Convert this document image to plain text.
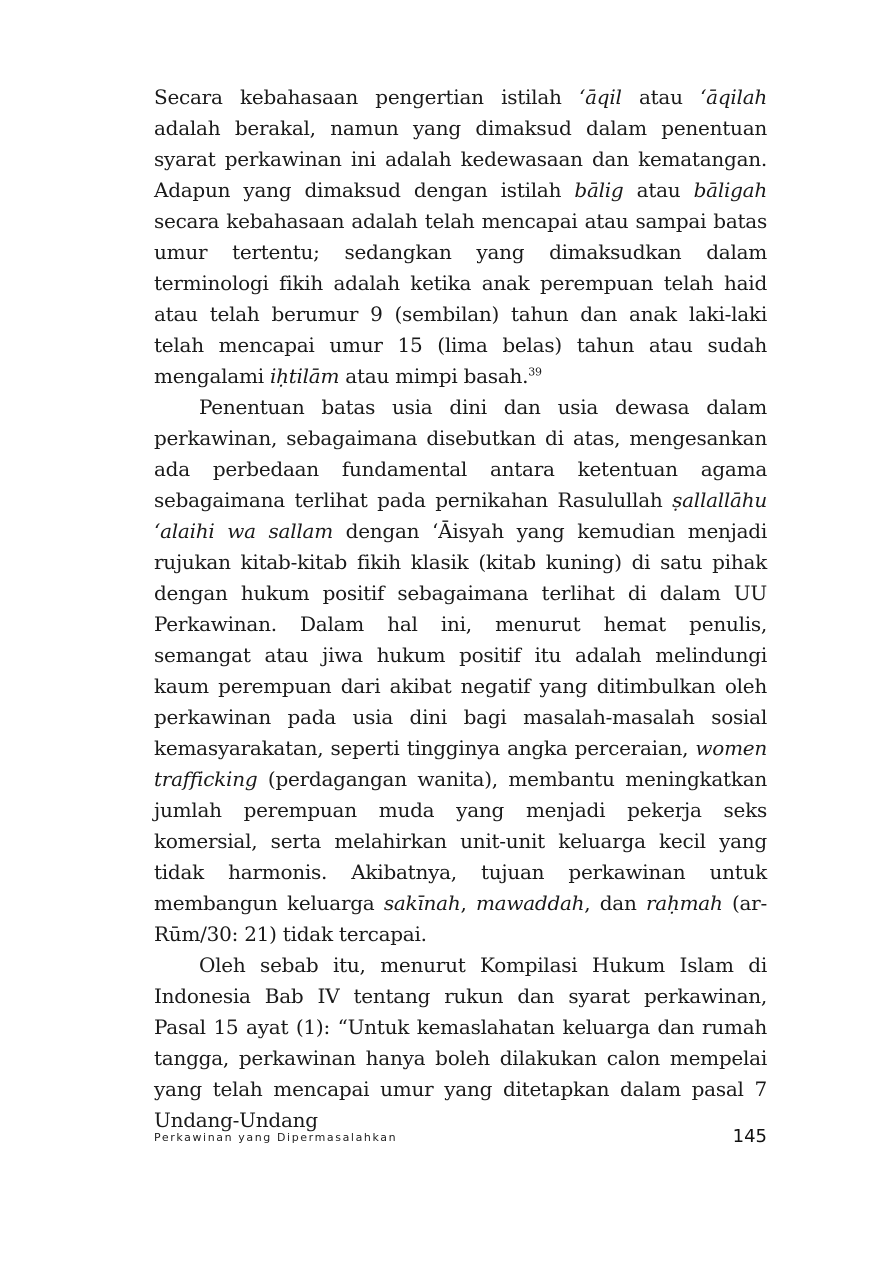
Secara kebahasaan pengertian istilah ‘āqil atau ‘āqilah adalah berakal, namun yang dimaksud dalam penentuan syarat perkawinan ini adalah kedewasaan dan kematangan. Adapun yang dimaksud dengan istilah bālig atau bāligah secara kebahasaan adalah telah mencapai atau sampai batas umur tertentu; sedangkan yang dimaksudkan dalam terminologi fikih adalah ketika anak perempuan telah haid atau telah berumur 9 (sembilan) tahun dan anak laki-laki telah mencapai umur 15 (lima belas) tahun atau sudah mengalami iḥtilām atau mimpi basah.$^{39}$

Penentuan batas usia dini dan usia dewasa dalam perkawinan, sebagaimana disebutkan di atas, mengesankan ada perbedaan fundamental antara ketentuan agama sebagaimana terlihat pada pernikahan Rasulullah ṣallallāhu ‘alaihi wa sallam dengan ‘Āisyah yang kemudian menjadi rujukan kitab-kitab fikih klasik (kitab kuning) di satu pihak dengan hukum positif sebagaimana terlihat di dalam UU Perkawinan. Dalam hal ini, menurut hemat penulis, semangat atau jiwa hukum positif itu adalah melindungi kaum perempuan dari akibat negatif yang ditimbulkan oleh perkawinan pada usia dini bagi masalah-masalah sosial kemasyarakatan, seperti tingginya angka perceraian, women trafficking (perdagangan wanita), membantu meningkatkan jumlah perempuan muda yang menjadi pekerja seks komersial, serta melahirkan unit-unit keluarga kecil yang tidak harmonis. Akibatnya, tujuan perkawinan untuk membangun keluarga sakīnah, mawaddah, dan raḥmah (ar-Rūm/30: 21) tidak tercapai.

Oleh sebab itu, menurut Kompilasi Hukum Islam di Indonesia Bab IV tentang rukun dan syarat perkawinan, Pasal 15 ayat (1): “Untuk kemaslahatan keluarga dan rumah tangga, perkawinan hanya boleh dilakukan calon mempelai yang telah mencapai umur yang ditetapkan dalam pasal 7 Undang-Undang

Perkawinan yang Dipermasalahkan	145
